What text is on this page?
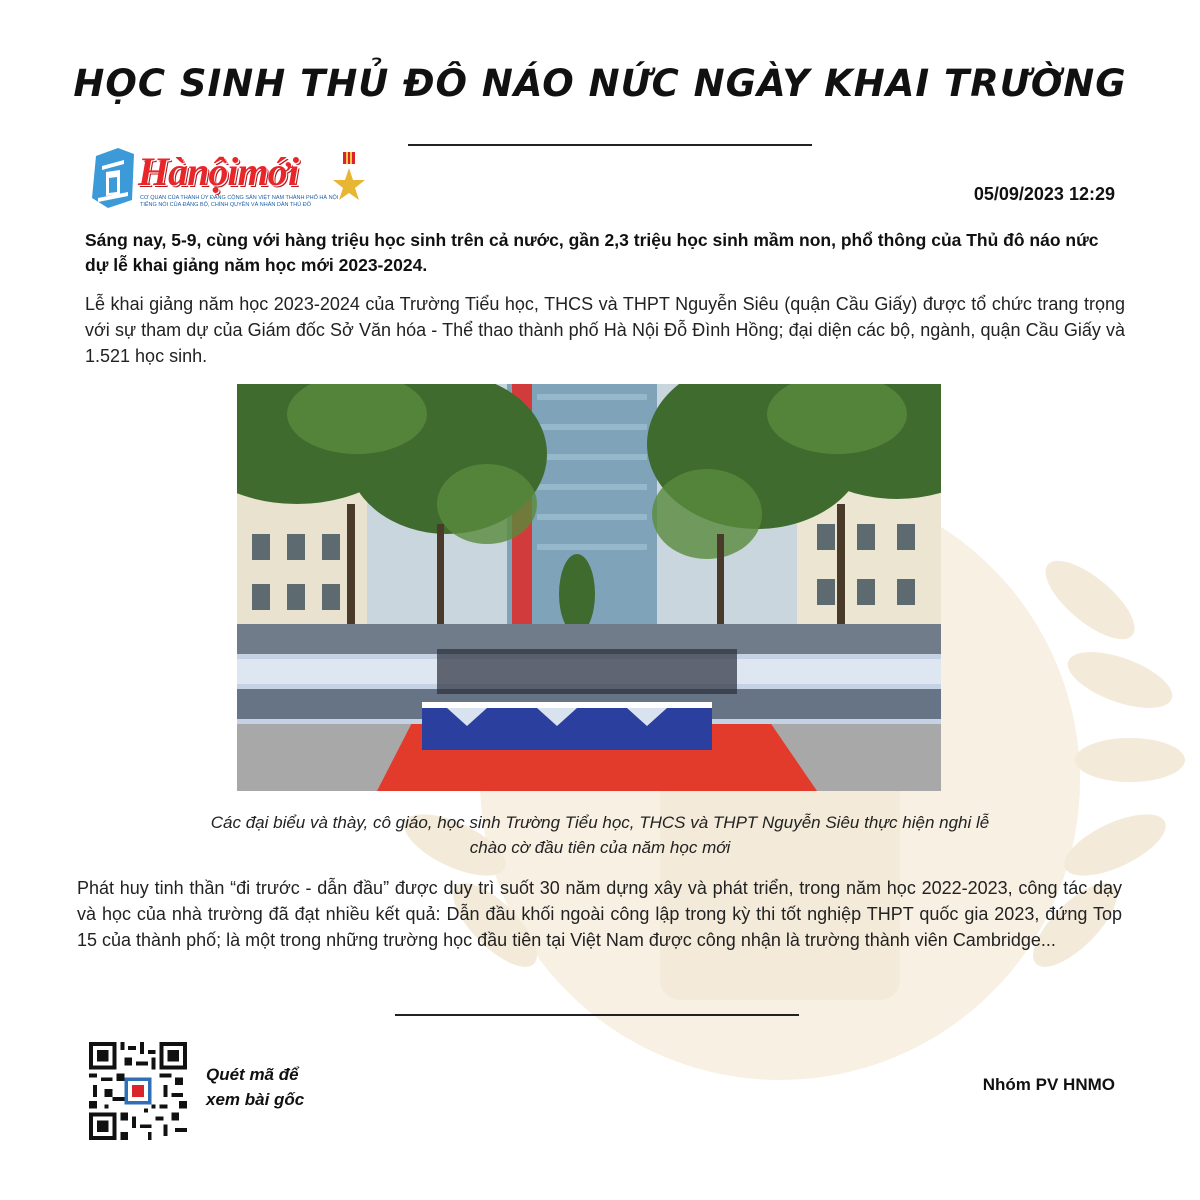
HỌC SINH THỦ ĐÔ NÁO NỨC NGÀY KHAI TRƯỜNG
Hànộimới
CƠ QUAN CỦA THÀNH ỦY ĐẢNG CỘNG SẢN VIỆT NAM THÀNH PHỐ HÀ NỘI
TIẾNG NÓI CỦA ĐẢNG BỘ, CHÍNH QUYỀN VÀ NHÂN DÂN THỦ ĐÔ
05/09/2023 12:29

Sáng nay, 5-9, cùng với hàng triệu học sinh trên cả nước, gần 2,3 triệu học sinh mầm non, phổ thông của Thủ đô náo nức dự lễ khai giảng năm học mới 2023-2024.

Lễ khai giảng năm học 2023-2024 của Trường Tiểu học, THCS và THPT Nguyễn Siêu (quận Cầu Giấy) được tổ chức trang trọng với sự tham dự của Giám đốc Sở Văn hóa - Thể thao thành phố Hà Nội Đỗ Đình Hồng; đại diện các bộ, ngành, quận Cầu Giấy và 1.521 học sinh.

Các đại biểu và thày, cô giáo, học sinh Trường Tiểu học, THCS và THPT Nguyễn Siêu thực hiện nghi lễ
chào cờ đầu tiên của năm học mới

Phát huy tinh thần “đi trước - dẫn đầu” được duy trì suốt 30 năm dựng xây và phát triển, trong năm học 2022-2023, công tác dạy và học của nhà trường đã đạt nhiều kết quả: Dẫn đầu khối ngoài công lập trong kỳ thi tốt nghiệp THPT quốc gia 2023, đứng Top 15 của thành phố; là một trong những trường học đầu tiên tại Việt Nam được công nhận là trường thành viên Cambridge...

Quét mã để
xem bài gốc
Nhóm PV HNMO
